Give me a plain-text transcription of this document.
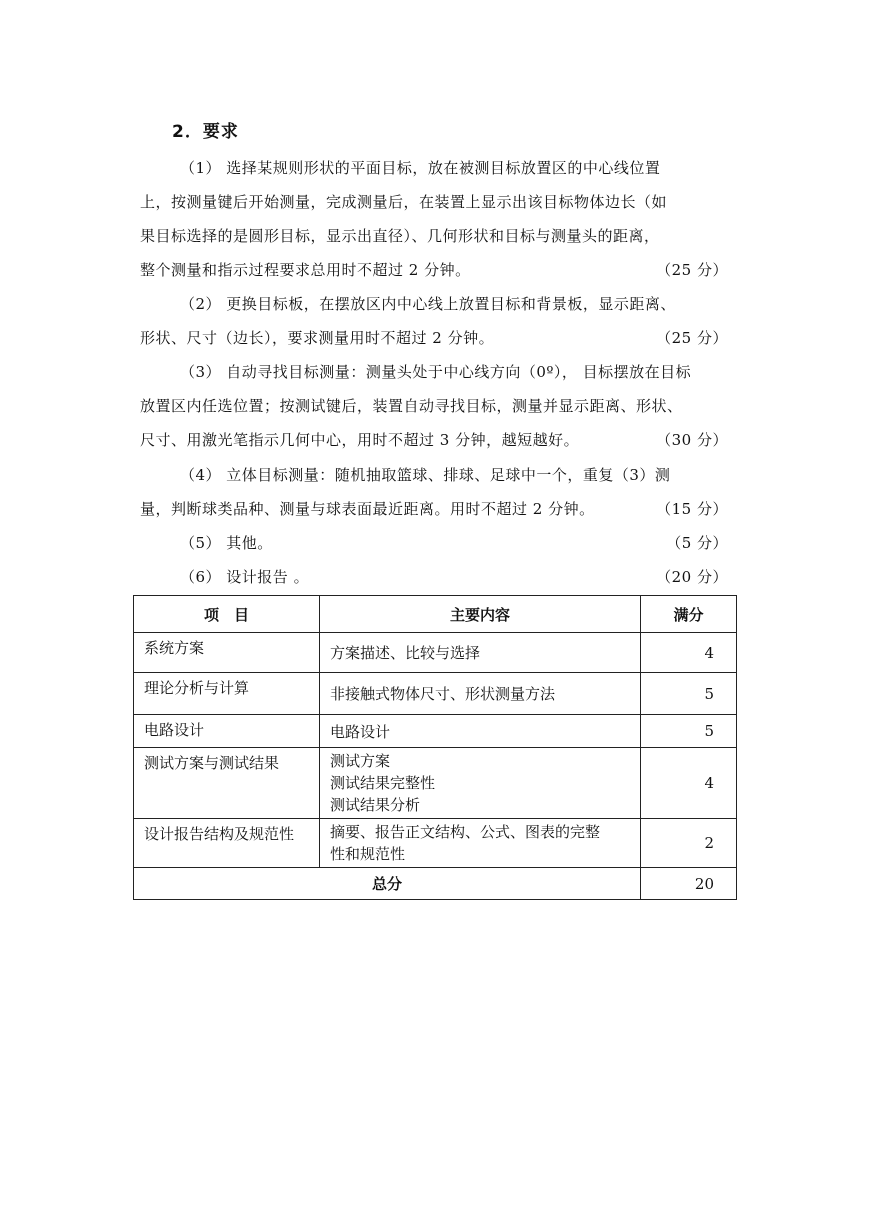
2．要求
（1） 选择某规则形状的平面目标，放在被测目标放置区的中心线位置
上，按测量键后开始测量，完成测量后，在装置上显示出该目标物体边长（如
果目标选择的是圆形目标，显示出直径）、几何形状和目标与测量头的距离，
整个测量和指示过程要求总用时不超过 2 分钟。	（25 分）
（2） 更换目标板，在摆放区内中心线上放置目标和背景板，显示距离、
形状、尺寸（边长），要求测量用时不超过 2 分钟。	（25 分）
（3） 自动寻找目标测量：测量头处于中心线方向（0º）， 目标摆放在目标
放置区内任选位置；按测试键后，装置自动寻找目标，测量并显示距离、形状、
尺寸、用激光笔指示几何中心，用时不超过 3 分钟，越短越好。	（30 分）
（4） 立体目标测量：随机抽取篮球、排球、足球中一个，重复（3）测
量，判断球类品种、测量与球表面最近距离。用时不超过 2 分钟。	（15 分）
（5） 其他。	（5 分）
（6） 设计报告 。	（20 分）
项　目	主要内容	满分
系统方案	方案描述、比较与选择	4
理论分析与计算	非接触式物体尺寸、形状测量方法	5
电路设计	电路设计	5
测试方案与测试结果	测试方案
测试结果完整性
测试结果分析	4
设计报告结构及规范性	摘要、报告正文结构、公式、图表的完整
性和规范性	2
总分		20
